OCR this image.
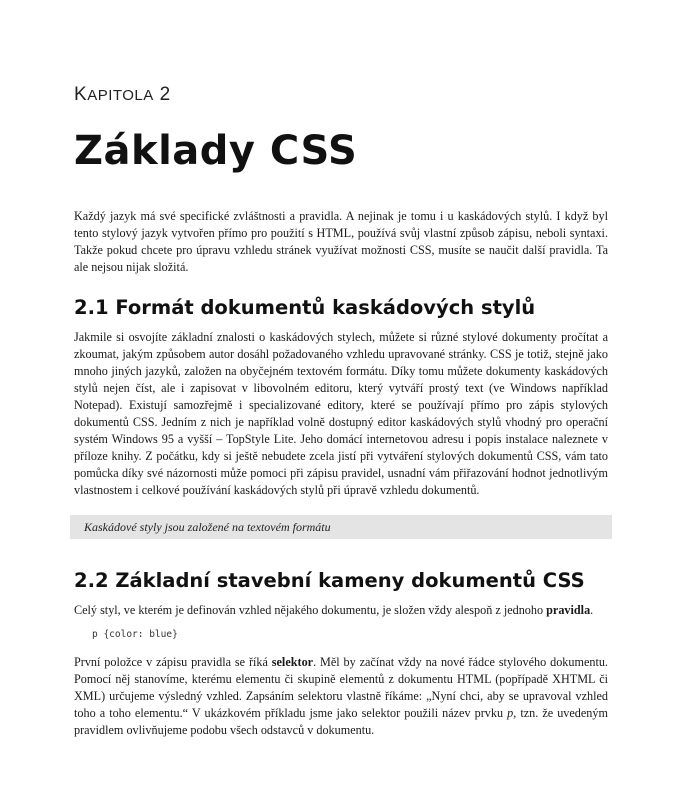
KAPITOLA 2

Základy CSS

Každý jazyk má své specifické zvláštnosti a pravidla. A nejinak je tomu i u kaskádových stylů. I když byl tento stylový jazyk vytvořen přímo pro použití s HTML, používá svůj vlastní způsob zápisu, neboli syntaxi. Takže pokud chcete pro úpravu vzhledu stránek využívat možnosti CSS, musíte se naučit další pravidla. Ta ale nejsou nijak složitá.

2.1 Formát dokumentů kaskádových stylů

Jakmile si osvojíte základní znalosti o kaskádových stylech, můžete si různé stylové dokumenty pročítat a zkoumat, jakým způsobem autor dosáhl požadovaného vzhledu upravované stránky. CSS je totiž, stejně jako mnoho jiných jazyků, založen na obyčejném textovém formátu. Díky tomu můžete dokumenty kaskádových stylů nejen číst, ale i zapisovat v libovolném editoru, který vytváří prostý text (ve Windows například Notepad). Existují samozřejmě i specializované editory, které se používají přímo pro zápis stylových dokumentů CSS. Jedním z nich je například volně dostupný editor kaskádových stylů vhodný pro operační systém Windows 95 a vyšší – TopStyle Lite. Jeho domácí internetovou adresu i popis instalace naleznete v příloze knihy. Z počátku, kdy si ještě nebudete zcela jistí při vytváření stylových dokumentů CSS, vám tato pomůcka díky své názornosti může pomoci při zápisu pravidel, usnadní vám přiřazování hodnot jednotlivým vlastnostem i celkové používání kaskádových stylů při úpravě vzhledu dokumentů.

Kaskádové styly jsou založené na textovém formátu
2.2 Základní stavební kameny dokumentů CSS

Celý styl, ve kterém je definován vzhled nějakého dokumentu, je složen vždy alespoň z jednoho pravidla.

p {color: blue}

První položce v zápisu pravidla se říká selektor. Měl by začínat vždy na nové řádce stylového dokumentu. Pomocí něj stanovíme, kterému elementu či skupině elementů z dokumentu HTML (popřípadě XHTML či XML) určujeme výsledný vzhled. Zapsáním selektoru vlastně říkáme: „Nyní chci, aby se upravoval vzhled toho a toho elementu.“ V ukázkovém příkladu jsme jako selektor použili název prvku p, tzn. že uvedeným pravidlem ovlivňujeme podobu všech odstavců v dokumentu.
